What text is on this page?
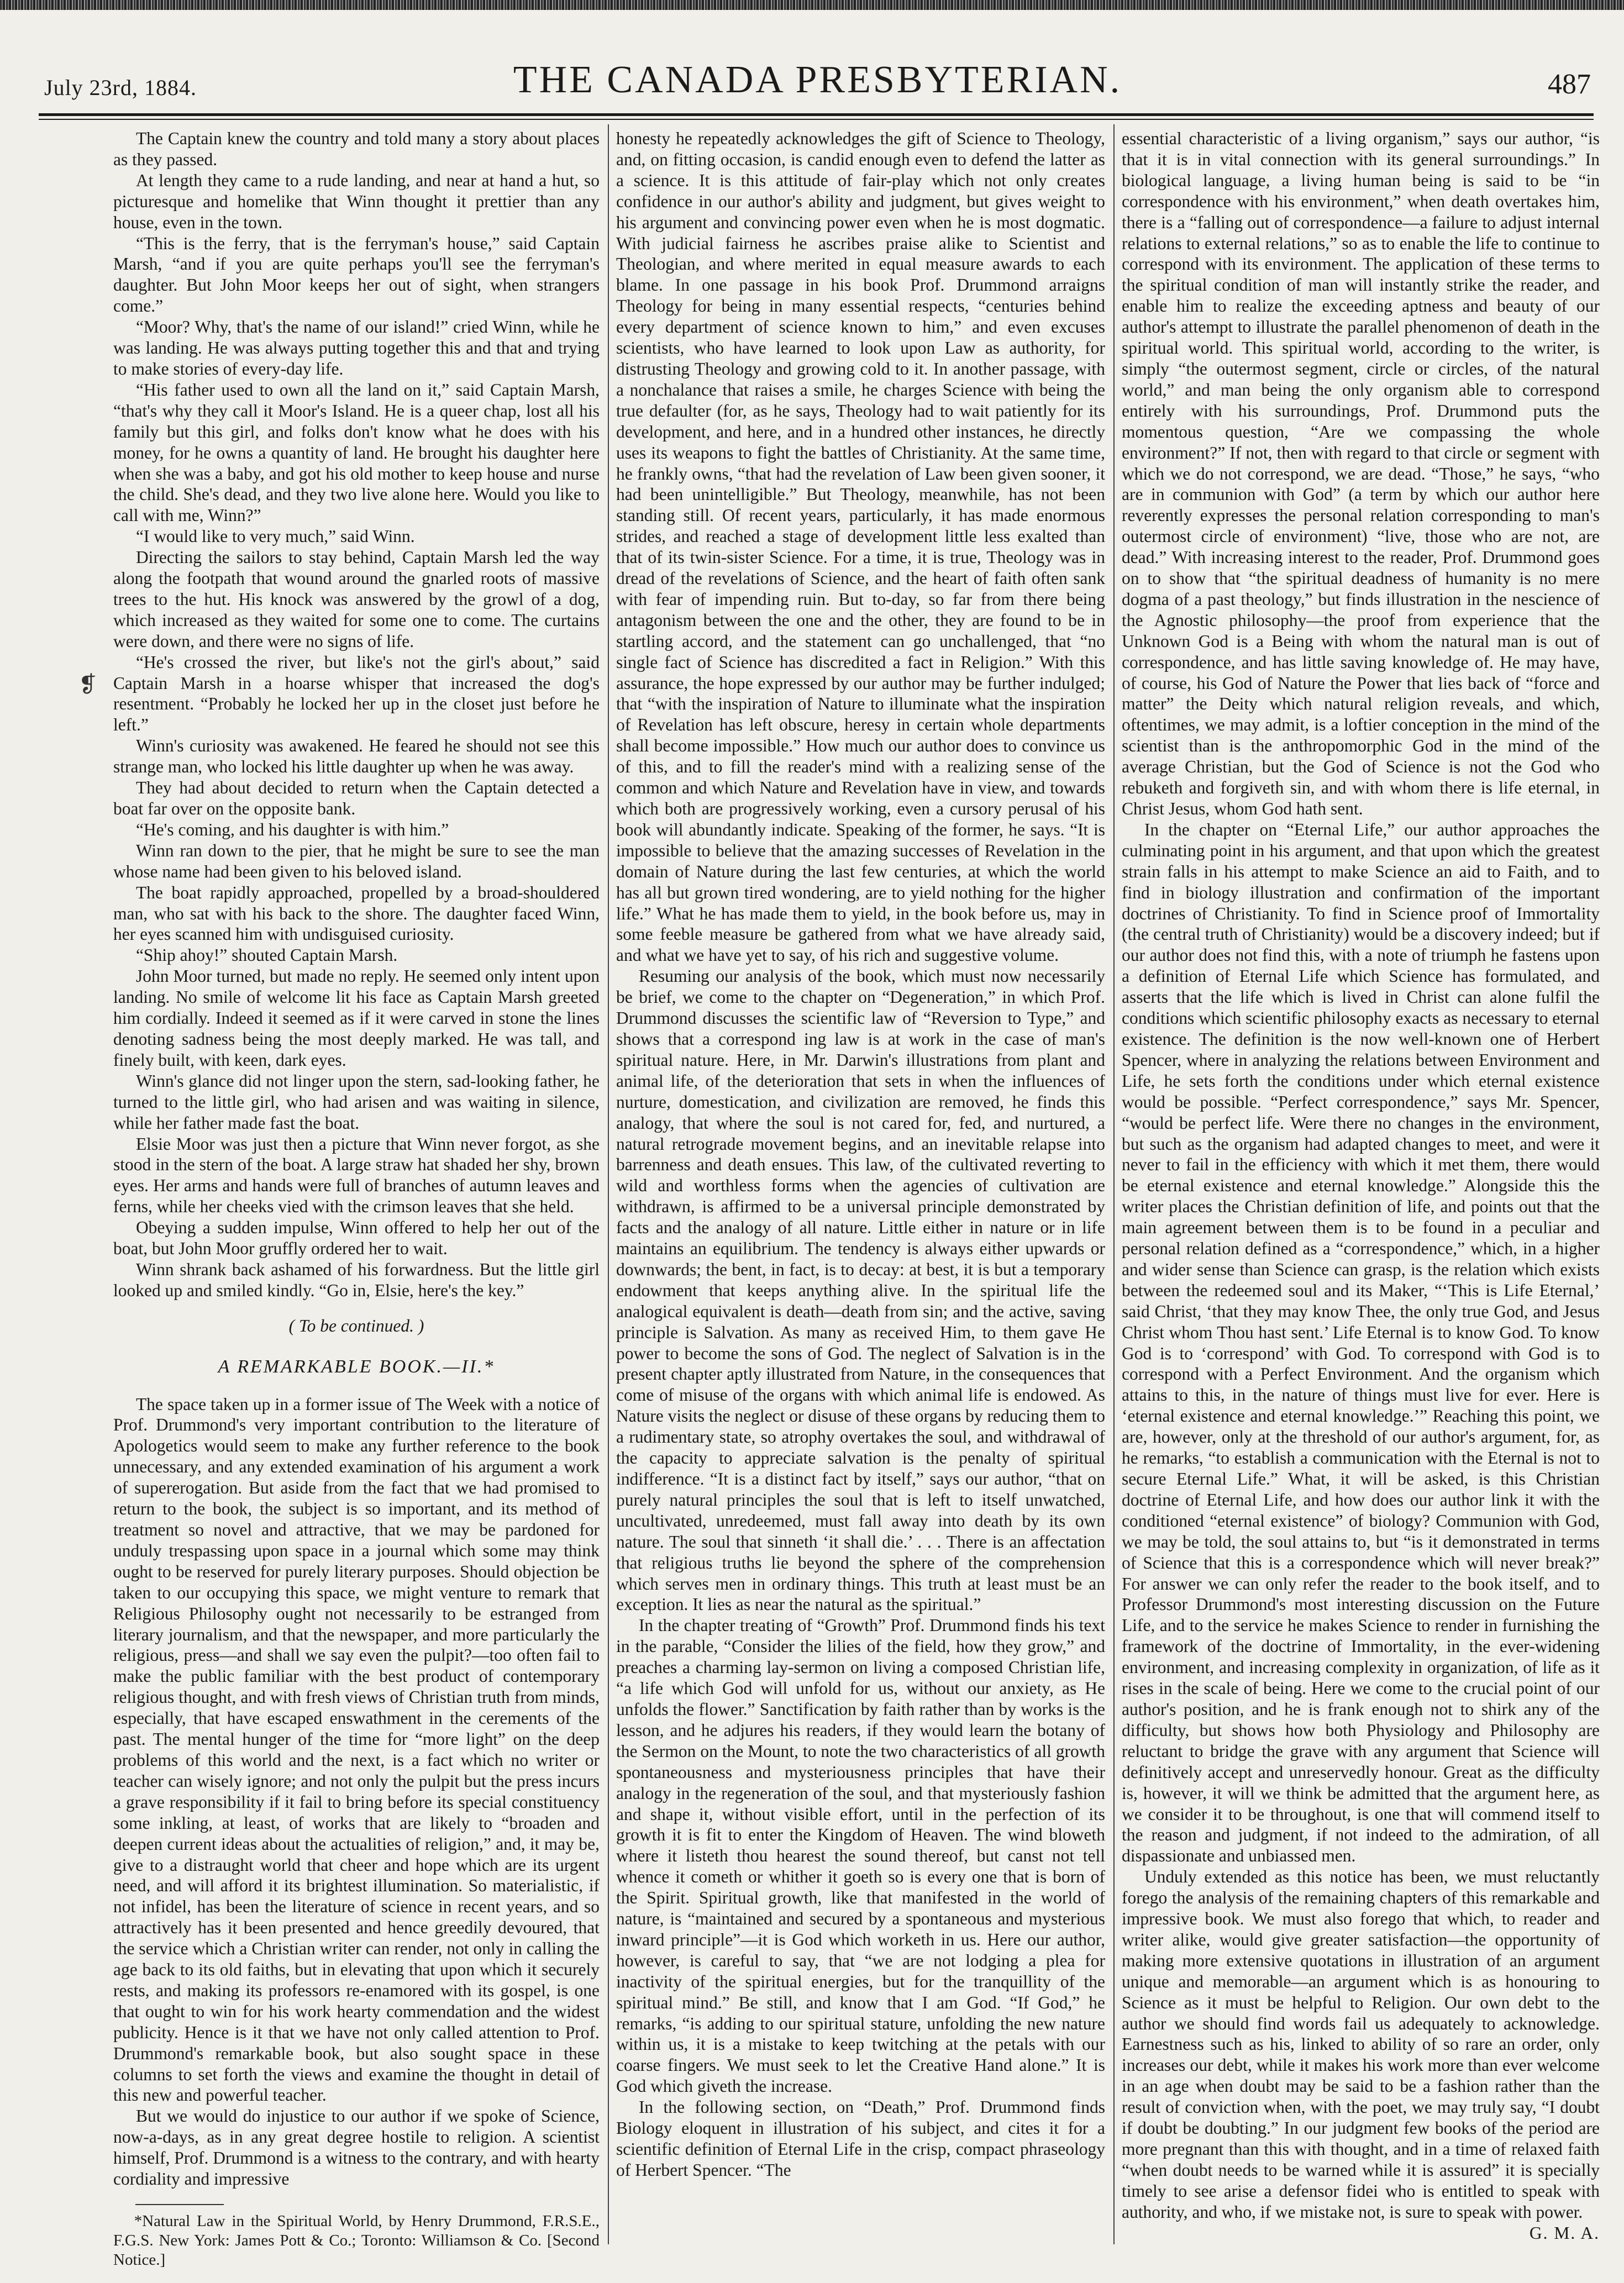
July 23rd, 1884.	THE CANADA PRESBYTERIAN.	487
❡

The Captain knew the country and told many a story about places as they passed.

At length they came to a rude landing, and near at hand a hut, so picturesque and homelike that Winn thought it prettier than any house, even in the town.

“This is the ferry, that is the ferryman's house,” said Captain Marsh, “and if you are quite perhaps you'll see the ferryman's daughter. But John Moor keeps her out of sight, when strangers come.”

“Moor? Why, that's the name of our island!” cried Winn, while he was landing. He was always putting together this and that and trying to make stories of every-day life.

“His father used to own all the land on it,” said Captain Marsh, “that's why they call it Moor's Island. He is a queer chap, lost all his family but this girl, and folks don't know what he does with his money, for he owns a quantity of land. He brought his daughter here when she was a baby, and got his old mother to keep house and nurse the child. She's dead, and they two live alone here. Would you like to call with me, Winn?”

“I would like to very much,” said Winn.

Directing the sailors to stay behind, Captain Marsh led the way along the footpath that wound around the gnarled roots of massive trees to the hut. His knock was answered by the growl of a dog, which increased as they waited for some one to come. The curtains were down, and there were no signs of life.

“He's crossed the river, but like's not the girl's about,” said Captain Marsh in a hoarse whisper that increased the dog's resentment. “Probably he locked her up in the closet just before he left.”

Winn's curiosity was awakened. He feared he should not see this strange man, who locked his little daughter up when he was away.

They had about decided to return when the Captain detected a boat far over on the opposite bank.

“He's coming, and his daughter is with him.”

Winn ran down to the pier, that he might be sure to see the man whose name had been given to his beloved island.

The boat rapidly approached, propelled by a broad-shouldered man, who sat with his back to the shore. The daughter faced Winn, her eyes scanned him with undisguised curiosity.

“Ship ahoy!” shouted Captain Marsh.

John Moor turned, but made no reply. He seemed only intent upon landing. No smile of welcome lit his face as Captain Marsh greeted him cordially. Indeed it seemed as if it were carved in stone the lines denoting sadness being the most deeply marked. He was tall, and finely built, with keen, dark eyes.

Winn's glance did not linger upon the stern, sad-looking father, he turned to the little girl, who had arisen and was waiting in silence, while her father made fast the boat.

Elsie Moor was just then a picture that Winn never forgot, as she stood in the stern of the boat. A large straw hat shaded her shy, brown eyes. Her arms and hands were full of branches of autumn leaves and ferns, while her cheeks vied with the crimson leaves that she held.

Obeying a sudden impulse, Winn offered to help her out of the boat, but John Moor gruffly ordered her to wait.

Winn shrank back ashamed of his forwardness. But the little girl looked up and smiled kindly. “Go in, Elsie, here's the key.”

( To be continued. )
A REMARKABLE BOOK.—II.*

The space taken up in a former issue of The Week with a notice of Prof. Drummond's very important contribution to the literature of Apologetics would seem to make any further reference to the book unnecessary, and any extended examination of his argument a work of supererogation. But aside from the fact that we had promised to return to the book, the subject is so important, and its method of treatment so novel and attractive, that we may be pardoned for unduly trespassing upon space in a journal which some may think ought to be reserved for purely literary purposes. Should objection be taken to our occupying this space, we might venture to remark that Religious Philosophy ought not necessarily to be estranged from literary journalism, and that the newspaper, and more particularly the religious, press—and shall we say even the pulpit?—too often fail to make the public familiar with the best product of contemporary religious thought, and with fresh views of Christian truth from minds, especially, that have escaped enswathment in the cerements of the past. The mental hunger of the time for “more light” on the deep problems of this world and the next, is a fact which no writer or teacher can wisely ignore; and not only the pulpit but the press incurs a grave responsibility if it fail to bring before its special constituency some inkling, at least, of works that are likely to “broaden and deepen current ideas about the actualities of religion,” and, it may be, give to a distraught world that cheer and hope which are its urgent need, and will afford it its brightest illumination. So materialistic, if not infidel, has been the literature of science in recent years, and so attractively has it been presented and hence greedily devoured, that the service which a Christian writer can render, not only in calling the age back to its old faiths, but in elevating that upon which it securely rests, and making its professors re-enamored with its gospel, is one that ought to win for his work hearty commendation and the widest publicity. Hence is it that we have not only called attention to Prof. Drummond's remarkable book, but also sought space in these columns to set forth the views and examine the thought in detail of this new and powerful teacher.

But we would do injustice to our author if we spoke of Science, now-a-days, as in any great degree hostile to religion. A scientist himself, Prof. Drummond is a witness to the contrary, and with hearty cordiality and impressive

*Natural Law in the Spiritual World, by Henry Drummond, F.R.S.E., F.G.S. New York: James Pott & Co.; Toronto: Williamson & Co. [Second Notice.]

honesty he repeatedly acknowledges the gift of Science to Theology, and, on fitting occasion, is candid enough even to defend the latter as a science. It is this attitude of fair-play which not only creates confidence in our author's ability and judgment, but gives weight to his argument and convincing power even when he is most dogmatic. With judicial fairness he ascribes praise alike to Scientist and Theologian, and where merited in equal measure awards to each blame. In one passage in his book Prof. Drummond arraigns Theology for being in many essential respects, “centuries behind every department of science known to him,” and even excuses scientists, who have learned to look upon Law as authority, for distrusting Theology and growing cold to it. In another passage, with a nonchalance that raises a smile, he charges Science with being the true defaulter (for, as he says, Theology had to wait patiently for its development, and here, and in a hundred other instances, he directly uses its weapons to fight the battles of Christianity. At the same time, he frankly owns, “that had the revelation of Law been given sooner, it had been unintelligible.” But Theology, meanwhile, has not been standing still. Of recent years, particularly, it has made enormous strides, and reached a stage of development little less exalted than that of its twin-sister Science. For a time, it is true, Theology was in dread of the revelations of Science, and the heart of faith often sank with fear of impending ruin. But to-day, so far from there being antagonism between the one and the other, they are found to be in startling accord, and the statement can go unchallenged, that “no single fact of Science has discredited a fact in Religion.” With this assurance, the hope expressed by our author may be further indulged; that “with the inspiration of Nature to illuminate what the inspiration of Revelation has left obscure, heresy in certain whole departments shall become impossible.” How much our author does to convince us of this, and to fill the reader's mind with a realizing sense of the common and which Nature and Revelation have in view, and towards which both are progressively working, even a cursory perusal of his book will abundantly indicate. Speaking of the former, he says. “It is impossible to believe that the amazing successes of Revelation in the domain of Nature during the last few centuries, at which the world has all but grown tired wondering, are to yield nothing for the higher life.” What he has made them to yield, in the book before us, may in some feeble measure be gathered from what we have already said, and what we have yet to say, of his rich and suggestive volume.

Resuming our analysis of the book, which must now necessarily be brief, we come to the chapter on “Degeneration,” in which Prof. Drummond discusses the scientific law of “Reversion to Type,” and shows that a correspond ing law is at work in the case of man's spiritual nature. Here, in Mr. Darwin's illustrations from plant and animal life, of the deterioration that sets in when the influences of nurture, domestication, and civilization are removed, he finds this analogy, that where the soul is not cared for, fed, and nurtured, a natural retrograde movement begins, and an inevitable relapse into barrenness and death ensues. This law, of the cultivated reverting to wild and worthless forms when the agencies of cultivation are withdrawn, is affirmed to be a universal principle demonstrated by facts and the analogy of all nature. Little either in nature or in life maintains an equilibrium. The tendency is always either upwards or downwards; the bent, in fact, is to decay: at best, it is but a temporary endowment that keeps anything alive. In the spiritual life the analogical equivalent is death—death from sin; and the active, saving principle is Salvation. As many as received Him, to them gave He power to become the sons of God. The neglect of Salvation is in the present chapter aptly illustrated from Nature, in the consequences that come of misuse of the organs with which animal life is endowed. As Nature visits the neglect or disuse of these organs by reducing them to a rudimentary state, so atrophy overtakes the soul, and withdrawal of the capacity to appreciate salvation is the penalty of spiritual indifference. “It is a distinct fact by itself,” says our author, “that on purely natural principles the soul that is left to itself unwatched, uncultivated, unredeemed, must fall away into death by its own nature. The soul that sinneth ‘it shall die.’ . . . There is an affectation that religious truths lie beyond the sphere of the comprehension which serves men in ordinary things. This truth at least must be an exception. It lies as near the natural as the spiritual.”

In the chapter treating of “Growth” Prof. Drummond finds his text in the parable, “Consider the lilies of the field, how they grow,” and preaches a charming lay-sermon on living a composed Christian life, “a life which God will unfold for us, without our anxiety, as He unfolds the flower.” Sanctification by faith rather than by works is the lesson, and he adjures his readers, if they would learn the botany of the Sermon on the Mount, to note the two characteristics of all growth spontaneousness and mysteriousness principles that have their analogy in the regeneration of the soul, and that mysteriously fashion and shape it, without visible effort, until in the perfection of its growth it is fit to enter the Kingdom of Heaven. The wind bloweth where it listeth thou hearest the sound thereof, but canst not tell whence it cometh or whither it goeth so is every one that is born of the Spirit. Spiritual growth, like that manifested in the world of nature, is “maintained and secured by a spontaneous and mysterious inward principle”—it is God which worketh in us. Here our author, however, is careful to say, that “we are not lodging a plea for inactivity of the spiritual energies, but for the tranquillity of the spiritual mind.” Be still, and know that I am God. “If God,” he remarks, “is adding to our spiritual stature, unfolding the new nature within us, it is a mistake to keep twitching at the petals with our coarse fingers. We must seek to let the Creative Hand alone.” It is God which giveth the increase.

In the following section, on “Death,” Prof. Drummond finds Biology eloquent in illustration of his subject, and cites it for a scientific definition of Eternal Life in the crisp, compact phraseology of Herbert Spencer. “The

essential characteristic of a living organism,” says our author, “is that it is in vital connection with its general surroundings.” In biological language, a living human being is said to be “in correspondence with his environment,” when death overtakes him, there is a “falling out of correspondence—a failure to adjust internal relations to external relations,” so as to enable the life to continue to correspond with its environment. The application of these terms to the spiritual condition of man will instantly strike the reader, and enable him to realize the exceeding aptness and beauty of our author's attempt to illustrate the parallel phenomenon of death in the spiritual world. This spiritual world, according to the writer, is simply “the outermost segment, circle or circles, of the natural world,” and man being the only organism able to correspond entirely with his surroundings, Prof. Drummond puts the momentous question, “Are we compassing the whole environment?” If not, then with regard to that circle or segment with which we do not correspond, we are dead. “Those,” he says, “who are in communion with God” (a term by which our author here reverently expresses the personal relation corresponding to man's outermost circle of environment) “live, those who are not, are dead.” With increasing interest to the reader, Prof. Drummond goes on to show that “the spiritual deadness of humanity is no mere dogma of a past theology,” but finds illustration in the nescience of the Agnostic philosophy—the proof from experience that the Unknown God is a Being with whom the natural man is out of correspondence, and has little saving knowledge of. He may have, of course, his God of Nature the Power that lies back of “force and matter” the Deity which natural religion reveals, and which, oftentimes, we may admit, is a loftier conception in the mind of the scientist than is the anthropomorphic God in the mind of the average Christian, but the God of Science is not the God who rebuketh and forgiveth sin, and with whom there is life eternal, in Christ Jesus, whom God hath sent.

In the chapter on “Eternal Life,” our author approaches the culminating point in his argument, and that upon which the greatest strain falls in his attempt to make Science an aid to Faith, and to find in biology illustration and confirmation of the important doctrines of Christianity. To find in Science proof of Immortality (the central truth of Christianity) would be a discovery indeed; but if our author does not find this, with a note of triumph he fastens upon a definition of Eternal Life which Science has formulated, and asserts that the life which is lived in Christ can alone fulfil the conditions which scientific philosophy exacts as necessary to eternal existence. The definition is the now well-known one of Herbert Spencer, where in analyzing the relations between Environment and Life, he sets forth the conditions under which eternal existence would be possible. “Perfect correspondence,” says Mr. Spencer, “would be perfect life. Were there no changes in the environment, but such as the organism had adapted changes to meet, and were it never to fail in the efficiency with which it met them, there would be eternal existence and eternal knowledge.” Alongside this the writer places the Christian definition of life, and points out that the main agreement between them is to be found in a peculiar and personal relation defined as a “correspondence,” which, in a higher and wider sense than Science can grasp, is the relation which exists between the redeemed soul and its Maker, “‘This is Life Eternal,’ said Christ, ‘that they may know Thee, the only true God, and Jesus Christ whom Thou hast sent.’ Life Eternal is to know God. To know God is to ‘correspond’ with God. To correspond with God is to correspond with a Perfect Environment. And the organism which attains to this, in the nature of things must live for ever. Here is ‘eternal existence and eternal knowledge.’” Reaching this point, we are, however, only at the threshold of our author's argument, for, as he remarks, “to establish a communication with the Eternal is not to secure Eternal Life.” What, it will be asked, is this Christian doctrine of Eternal Life, and how does our author link it with the conditioned “eternal existence” of biology? Communion with God, we may be told, the soul attains to, but “is it demonstrated in terms of Science that this is a correspondence which will never break?” For answer we can only refer the reader to the book itself, and to Professor Drummond's most interesting discussion on the Future Life, and to the service he makes Science to render in furnishing the framework of the doctrine of Immortality, in the ever-widening environment, and increasing complexity in organization, of life as it rises in the scale of being. Here we come to the crucial point of our author's position, and he is frank enough not to shirk any of the difficulty, but shows how both Physiology and Philosophy are reluctant to bridge the grave with any argument that Science will definitively accept and unreservedly honour. Great as the difficulty is, however, it will we think be admitted that the argument here, as we consider it to be throughout, is one that will commend itself to the reason and judgment, if not indeed to the admiration, of all dispassionate and unbiassed men.

Unduly extended as this notice has been, we must reluctantly forego the analysis of the remaining chapters of this remarkable and impressive book. We must also forego that which, to reader and writer alike, would give greater satisfaction—the opportunity of making more extensive quotations in illustration of an argument unique and memorable—an argument which is as honouring to Science as it must be helpful to Religion. Our own debt to the author we should find words fail us adequately to acknowledge. Earnestness such as his, linked to ability of so rare an order, only increases our debt, while it makes his work more than ever welcome in an age when doubt may be said to be a fashion rather than the result of conviction when, with the poet, we may truly say, “I doubt if doubt be doubting.” In our judgment few books of the period are more pregnant than this with thought, and in a time of relaxed faith “when doubt needs to be warned while it is assured” it is specially timely to see arise a defensor fidei who is entitled to speak with authority, and who, if we mistake not, is sure to speak with power.

G. M. A.
